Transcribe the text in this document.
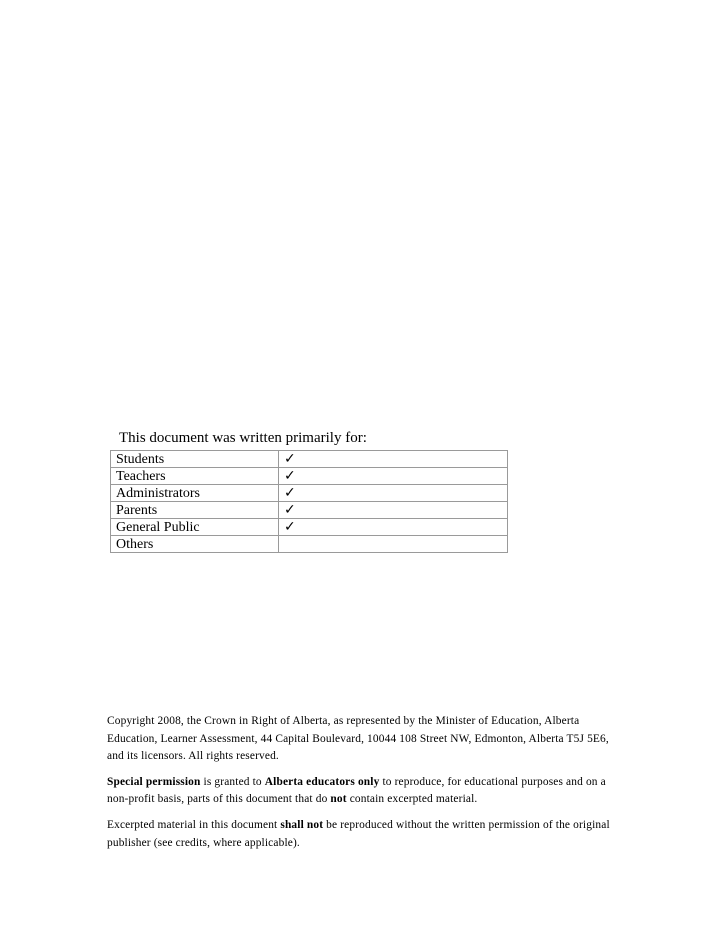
This document was written primarily for:
Students	✓
Teachers	✓
Administrators	✓
Parents	✓
General Public	✓
Others	

Copyright 2008, the Crown in Right of Alberta, as represented by the Minister of Education, Alberta Education, Learner Assessment, 44 Capital Boulevard, 10044 108 Street NW, Edmonton, Alberta T5J 5E6, and its licensors. All rights reserved.

Special permission is granted to Alberta educators only to reproduce, for educational purposes and on a non-profit basis, parts of this document that do not contain excerpted material.

Excerpted material in this document shall not be reproduced without the written permission of the original publisher (see credits, where applicable).
